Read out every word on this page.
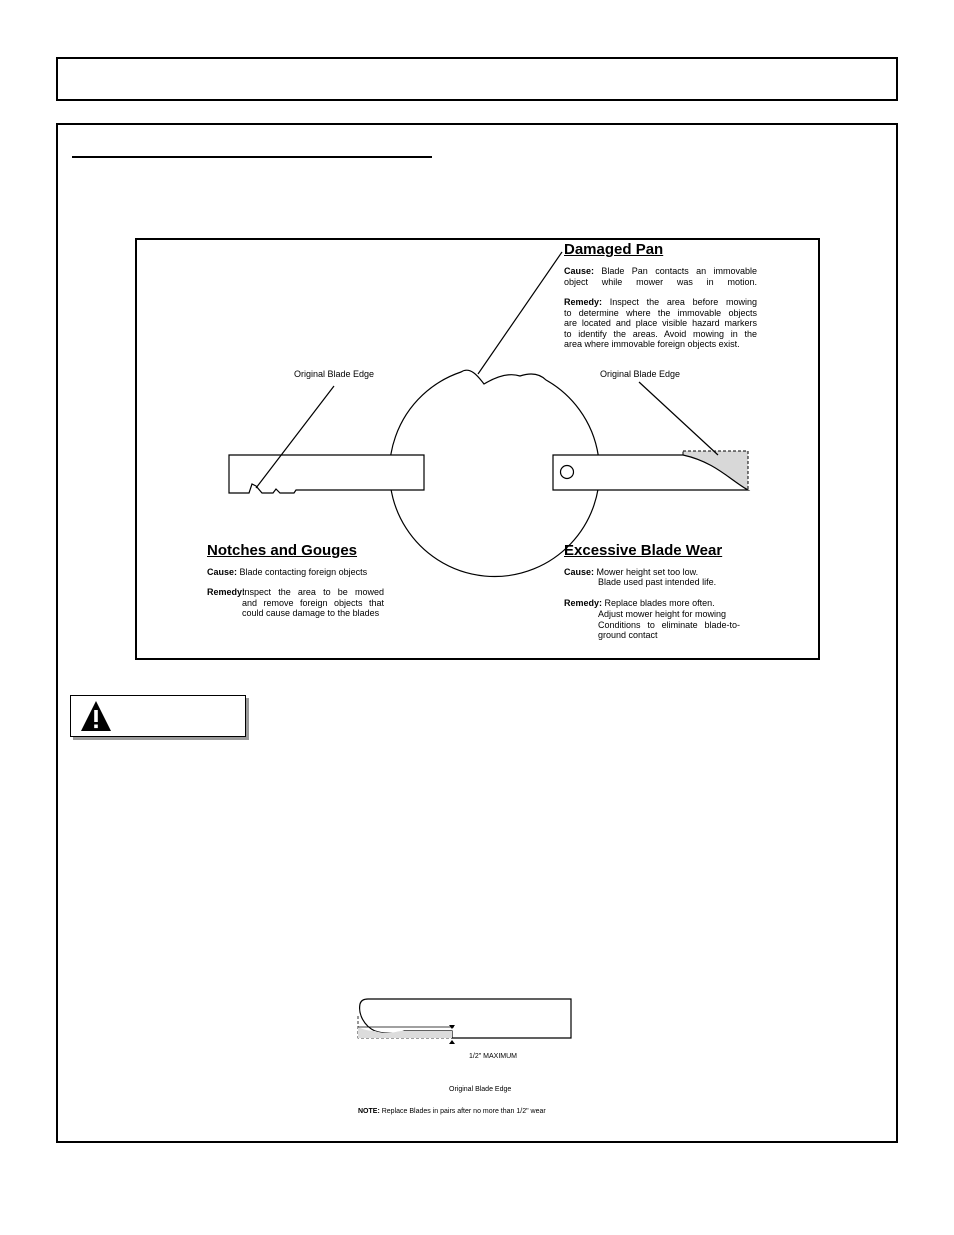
Damaged Pan
Cause: Blade Pan contacts an immovable
object while mower was in motion.
Remedy: Inspect the area before mowing
to determine where the immovable objects
are located and place visible hazard markers
to identify the areas. Avoid mowing in the
area where immovable foreign objects exist.
Original Blade Edge	Original Blade Edge
Notches and Gouges
Cause: Blade contacting foreign objects
Remedy:
Inspect the area to be mowed
and remove foreign objects that
could cause damage to the blades
Excessive Blade Wear
Cause: Mower height set too low.
Blade used past intended life.
Remedy: Replace blades more often.
Adjust mower height for mowing
Conditions to eliminate blade-to-
ground contact
1/2" MAXIMUM
Original Blade Edge
NOTE: Replace Blades in pairs after no more than 1/2" wear
